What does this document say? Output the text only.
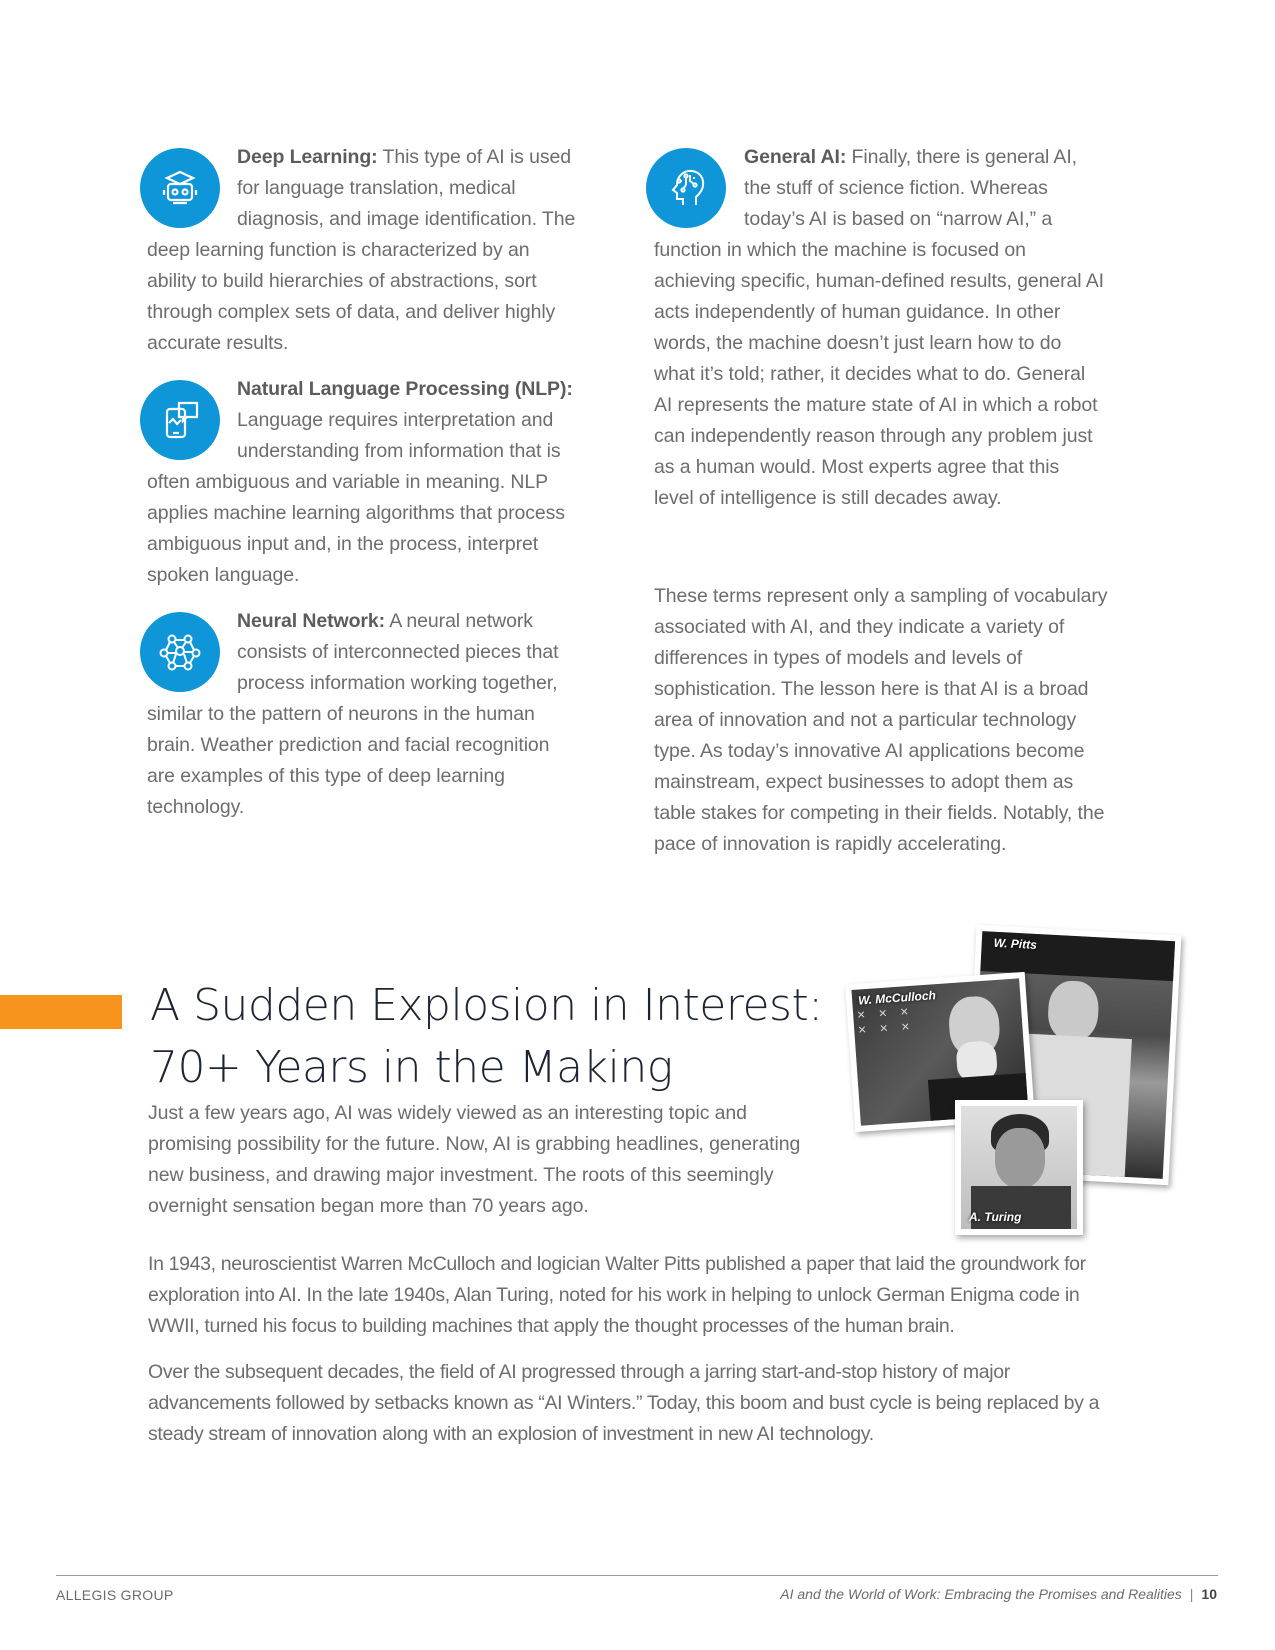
Deep Learning: This type of AI is used for language translation, medical diagnosis, and image identification. The deep learning function is characterized by an ability to build hierarchies of abstractions, sort through complex sets of data, and deliver highly accurate results.

Natural Language Processing (NLP): Language requires interpretation and understanding from information that is often ambiguous and variable in meaning. NLP applies machine learning algorithms that process ambiguous input and, in the process, interpret spoken language.

Neural Network: A neural network consists of interconnected pieces that process information working together, similar to the pattern of neurons in the human brain. Weather prediction and facial recognition are examples of this type of deep learning technology.

General AI: Finally, there is general AI, the stuff of science fiction. Whereas today’s AI is based on “narrow AI,” a function in which the machine is focused on achieving specific, human-defined results, general AI acts independently of human guidance. In other words, the machine doesn’t just learn how to do what it’s told; rather, it decides what to do. General AI represents the mature state of AI in which a robot can independently reason through any problem just as a human would. Most experts agree that this level of intelligence is still decades away.

These terms represent only a sampling of vocabulary associated with AI, and they indicate a variety of differences in types of models and levels of sophistication. The lesson here is that AI is a broad area of innovation and not a particular technology type. As today’s innovative AI applications become mainstream, expect businesses to adopt them as table stakes for competing in their fields. Notably, the pace of innovation is rapidly accelerating.

A Sudden Explosion in Interest:
70+ Years in the Making

Just a few years ago, AI was widely viewed as an interesting topic and promising possibility for the future. Now, AI is grabbing headlines, generating new business, and drawing major investment. The roots of this seemingly overnight sensation began more than 70 years ago.

W. Pitts
✕ ✕ ✕
✕ ✕ ✕
W. McCulloch
A. Turing

In 1943, neuroscientist Warren McCulloch and logician Walter Pitts published a paper that laid the groundwork for exploration into AI. In the late 1940s, Alan Turing, noted for his work in helping to unlock German Enigma code in WWII, turned his focus to building machines that apply the thought processes of the human brain.

Over the subsequent decades, the field of AI progressed through a jarring start-and-stop history of major advancements followed by setbacks known as “AI Winters.” Today, this boom and bust cycle is being replaced by a steady stream of innovation along with an explosion of investment in new AI technology.

ALLEGIS GROUP	AI and the World of Work: Embracing the Promises and Realities | 10
